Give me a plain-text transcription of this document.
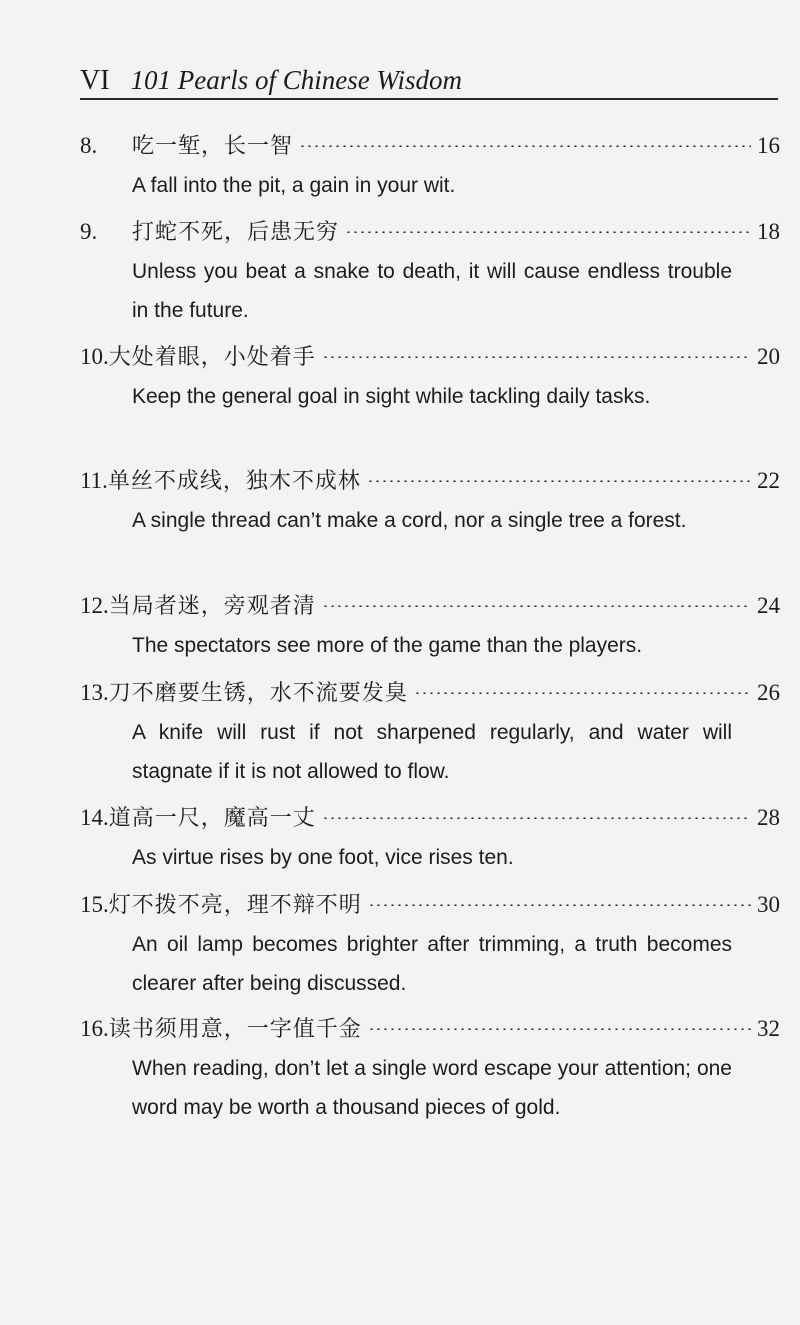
VI 101 Pearls of Chinese Wisdom
8.	吃一堑，长一智	16
A fall into the pit, a gain in your wit.
9.	打蛇不死，后患无穷	18
Unless you beat a snake to death, it will cause endless trouble in the future.
10. 大处着眼，小处着手	20
Keep the general goal in sight while tackling daily tasks.
11. 单丝不成线，独木不成林	22
A single thread can’t make a cord, nor a single tree a forest.
12. 当局者迷，旁观者清	24
The spectators see more of the game than the players.
13. 刀不磨要生锈，水不流要发臭	26
A knife will rust if not sharpened regularly, and water will stagnate if it is not allowed to flow.
14. 道高一尺，魔高一丈	28
As virtue rises by one foot, vice rises ten.
15. 灯不拨不亮，理不辩不明	30
An oil lamp becomes brighter after trimming, a truth becomes clearer after being discussed.
16. 读书须用意，一字值千金	32
When reading, don’t let a single word escape your attention; one word may be worth a thousand pieces of gold.
